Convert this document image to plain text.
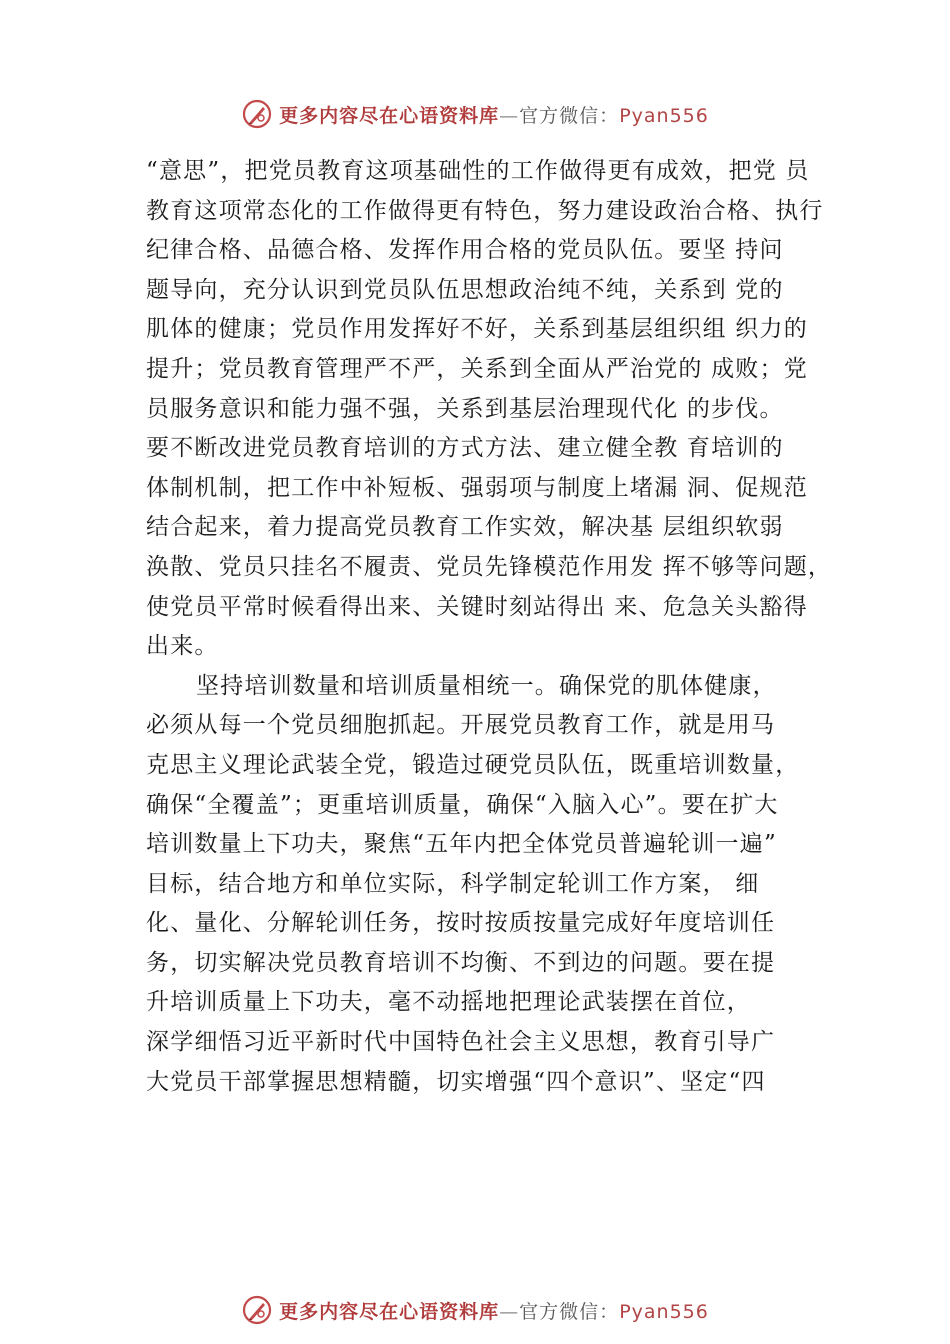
更多内容尽在心语资料库—官方微信：Pyan556
“意思”，把党员教育这项基础性的工作做得更有成效，把党 员
教育这项常态化的工作做得更有特色，努力建设政治合格、执行
纪律合格、品德合格、发挥作用合格的党员队伍。要坚 持问
题导向，充分认识到党员队伍思想政治纯不纯，关系到 党的
肌体的健康；党员作用发挥好不好，关系到基层组织组 织力的
提升；党员教育管理严不严，关系到全面从严治党的 成败；党
员服务意识和能力强不强，关系到基层治理现代化 的步伐。
要不断改进党员教育培训的方式方法、建立健全教 育培训的
体制机制，把工作中补短板、强弱项与制度上堵漏 洞、促规范
结合起来，着力提高党员教育工作实效，解决基 层组织软弱
涣散、党员只挂名不履责、党员先锋模范作用发 挥不够等问题，
使党员平常时候看得出来、关键时刻站得出 来、危急关头豁得
出来。
坚持培训数量和培训质量相统一。确保党的肌体健康，
必须从每一个党员细胞抓起。开展党员教育工作，就是用马
克思主义理论武装全党，锻造过硬党员队伍，既重培训数量，
确保“全覆盖”；更重培训质量，确保“入脑入心”。要在扩大
培训数量上下功夫，聚焦“五年内把全体党员普遍轮训一遍”
目标，结合地方和单位实际，科学制定轮训工作方案， 细
化、量化、分解轮训任务，按时按质按量完成好年度培训任
务，切实解决党员教育培训不均衡、不到边的问题。要在提
升培训质量上下功夫，毫不动摇地把理论武装摆在首位，
深学细悟习近平新时代中国特色社会主义思想，教育引导广
大党员干部掌握思想精髓，切实增强“四个意识”、坚定“四
更多内容尽在心语资料库—官方微信：Pyan556
